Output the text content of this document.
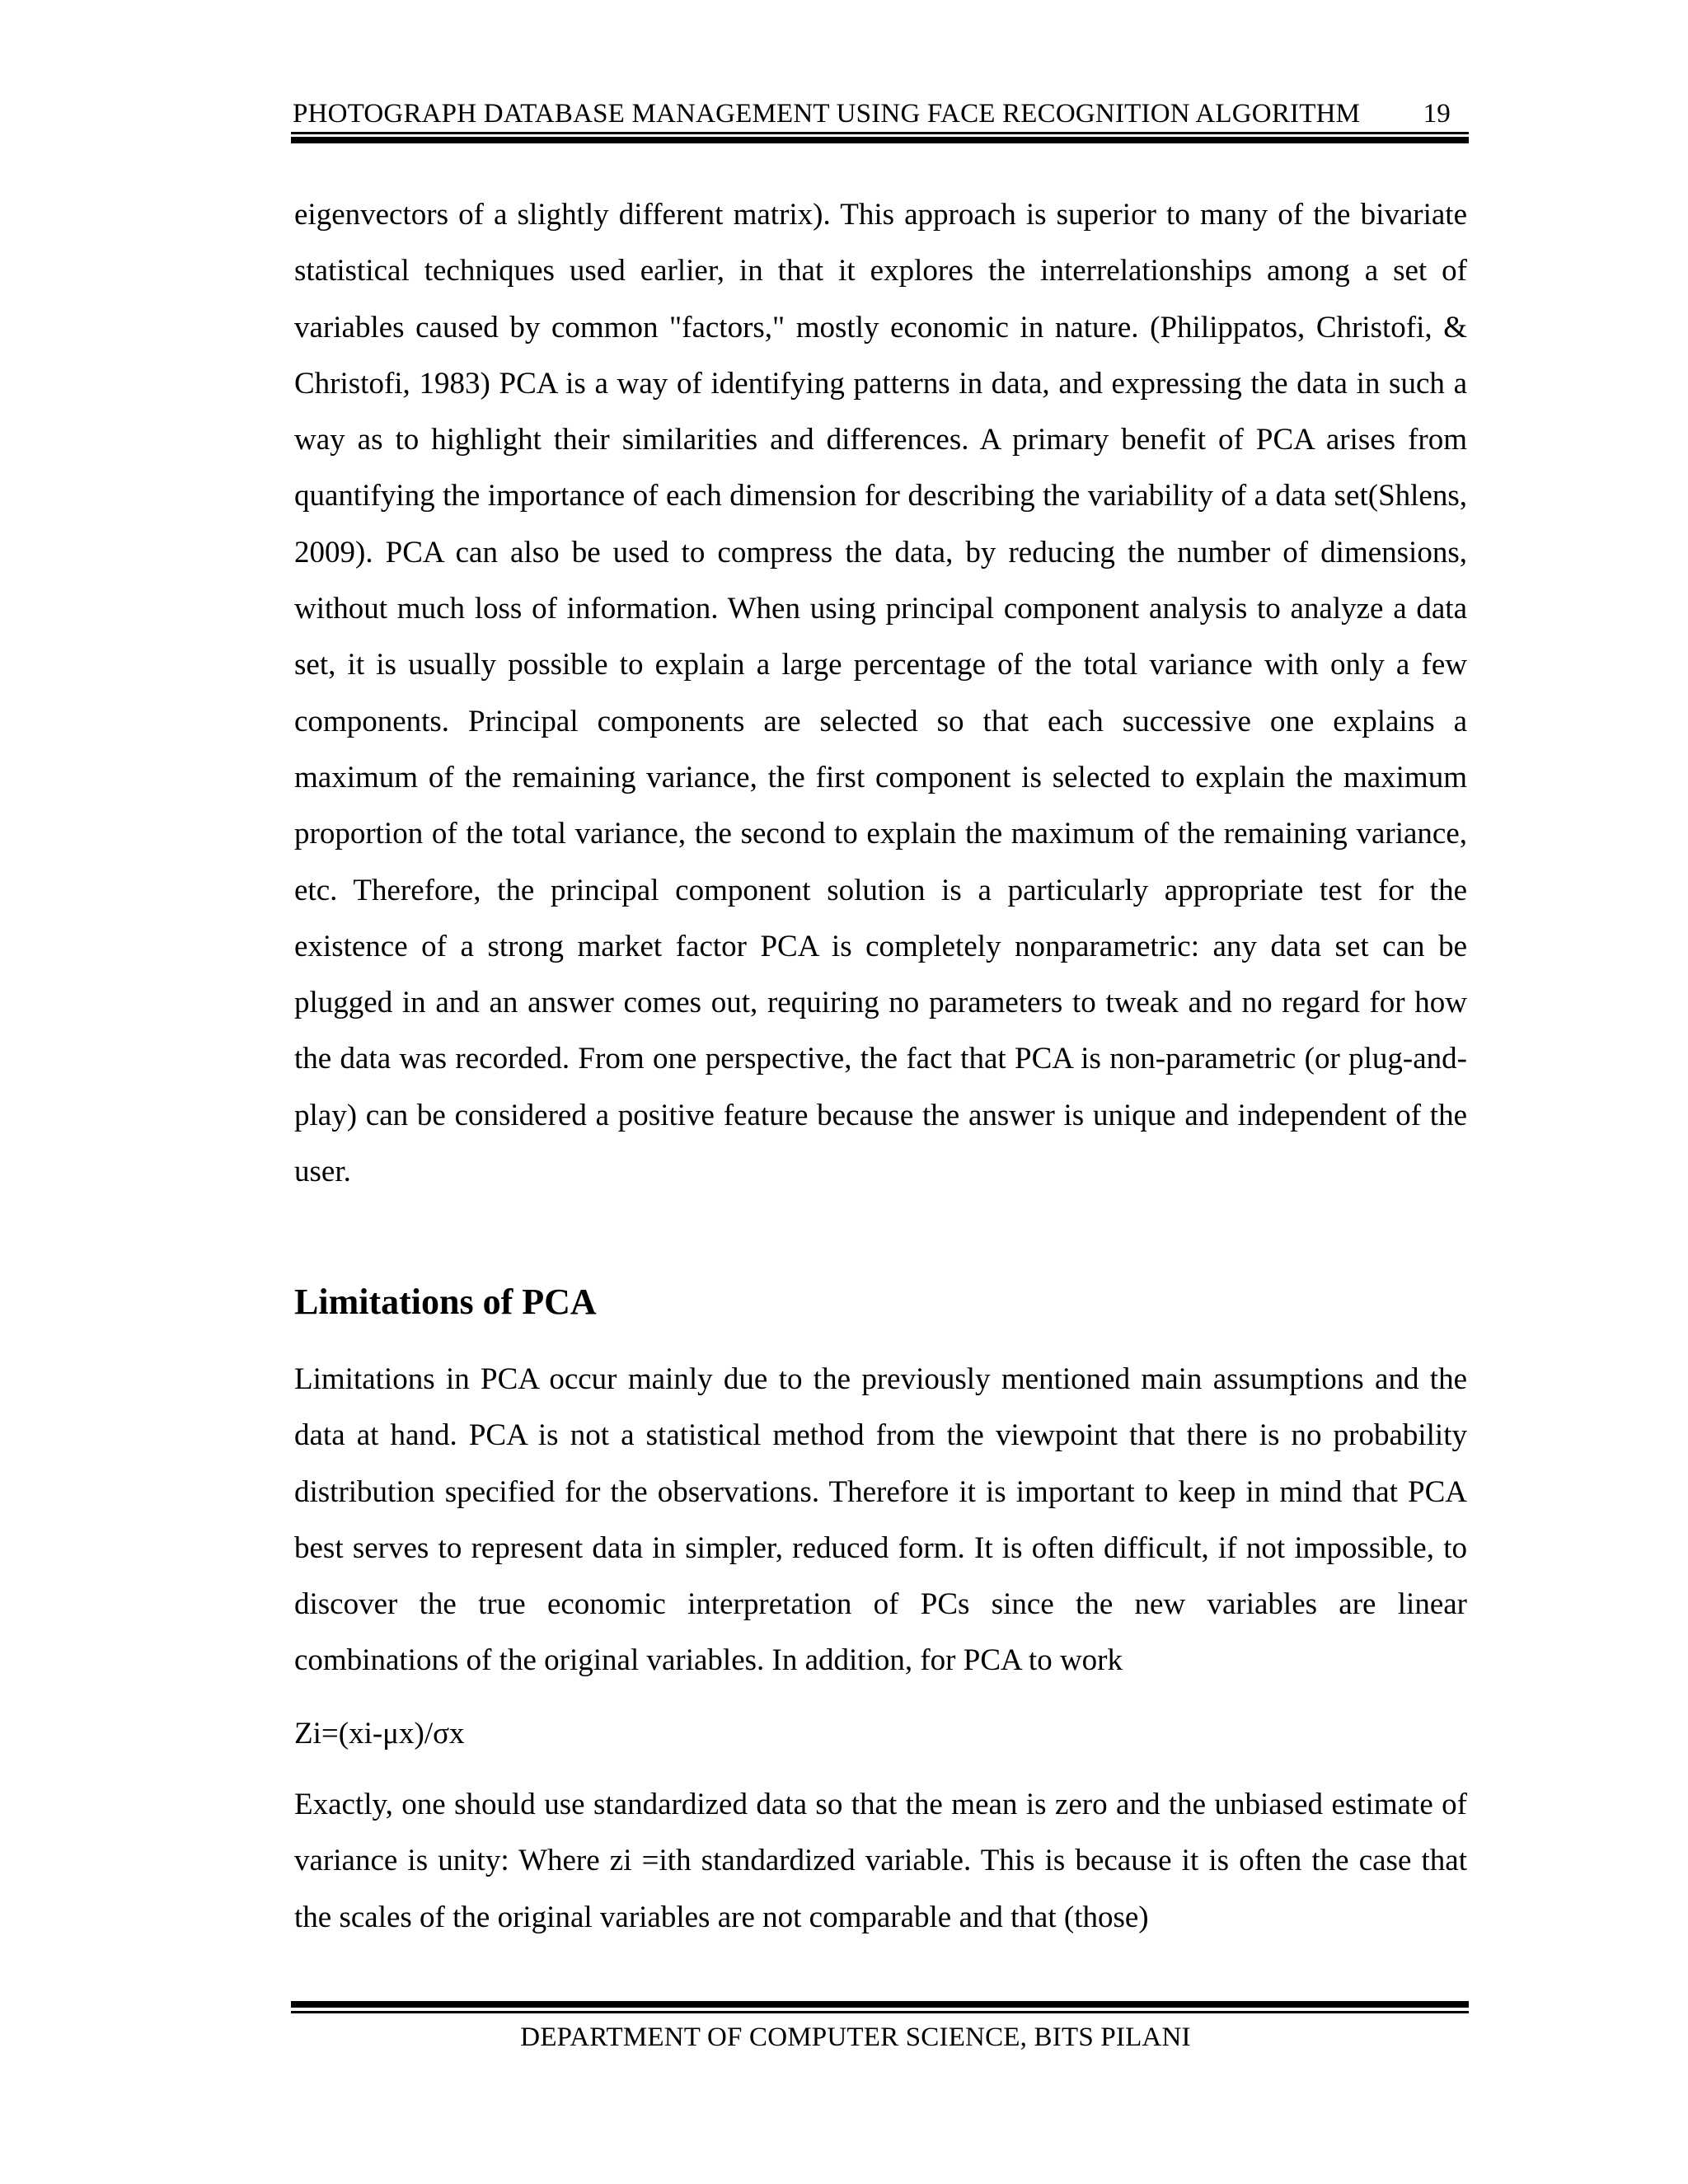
PHOTOGRAPH DATABASE MANAGEMENT USING FACE RECOGNITION ALGORITHM 19

eigenvectors of a slightly different matrix). This approach is superior to many of the bivariate statistical techniques used earlier, in that it explores the interrelationships among a set of variables caused by common "factors," mostly economic in nature. (Philippatos, Christofi, & Christofi, 1983) PCA is a way of identifying patterns in data, and expressing the data in such a way as to highlight their similarities and differences. A primary benefit of PCA arises from quantifying the importance of each dimension for describing the variability of a data set(Shlens, 2009). PCA can also be used to compress the data, by reducing the number of dimensions, without much loss of information. When using principal component analysis to analyze a data set, it is usually possible to explain a large percentage of the total variance with only a few components. Principal components are selected so that each successive one explains a maximum of the remaining variance, the first component is selected to explain the maximum proportion of the total variance, the second to explain the maximum of the remaining variance, etc. Therefore, the principal component solution is a particularly appropriate test for the existence of a strong market factor PCA is completely nonparametric: any data set can be plugged in and an answer comes out, requiring no parameters to tweak and no regard for how the data was recorded. From one perspective, the fact that PCA is non-parametric (or plug-and-play) can be considered a positive feature because the answer is unique and independent of the user.

Limitations of PCA

Limitations in PCA occur mainly due to the previously mentioned main assumptions and the data at hand. PCA is not a statistical method from the viewpoint that there is no probability distribution specified for the observations. Therefore it is important to keep in mind that PCA best serves to represent data in simpler, reduced form. It is often difficult, if not impossible, to discover the true economic interpretation of PCs since the new variables are linear combinations of the original variables. In addition, for PCA to work

Zi=(xi-μx)/σx

Exactly, one should use standardized data so that the mean is zero and the unbiased estimate of variance is unity: Where zi =ith standardized variable. This is because it is often the case that the scales of the original variables are not comparable and that (those)

DEPARTMENT OF COMPUTER SCIENCE, BITS PILANI
